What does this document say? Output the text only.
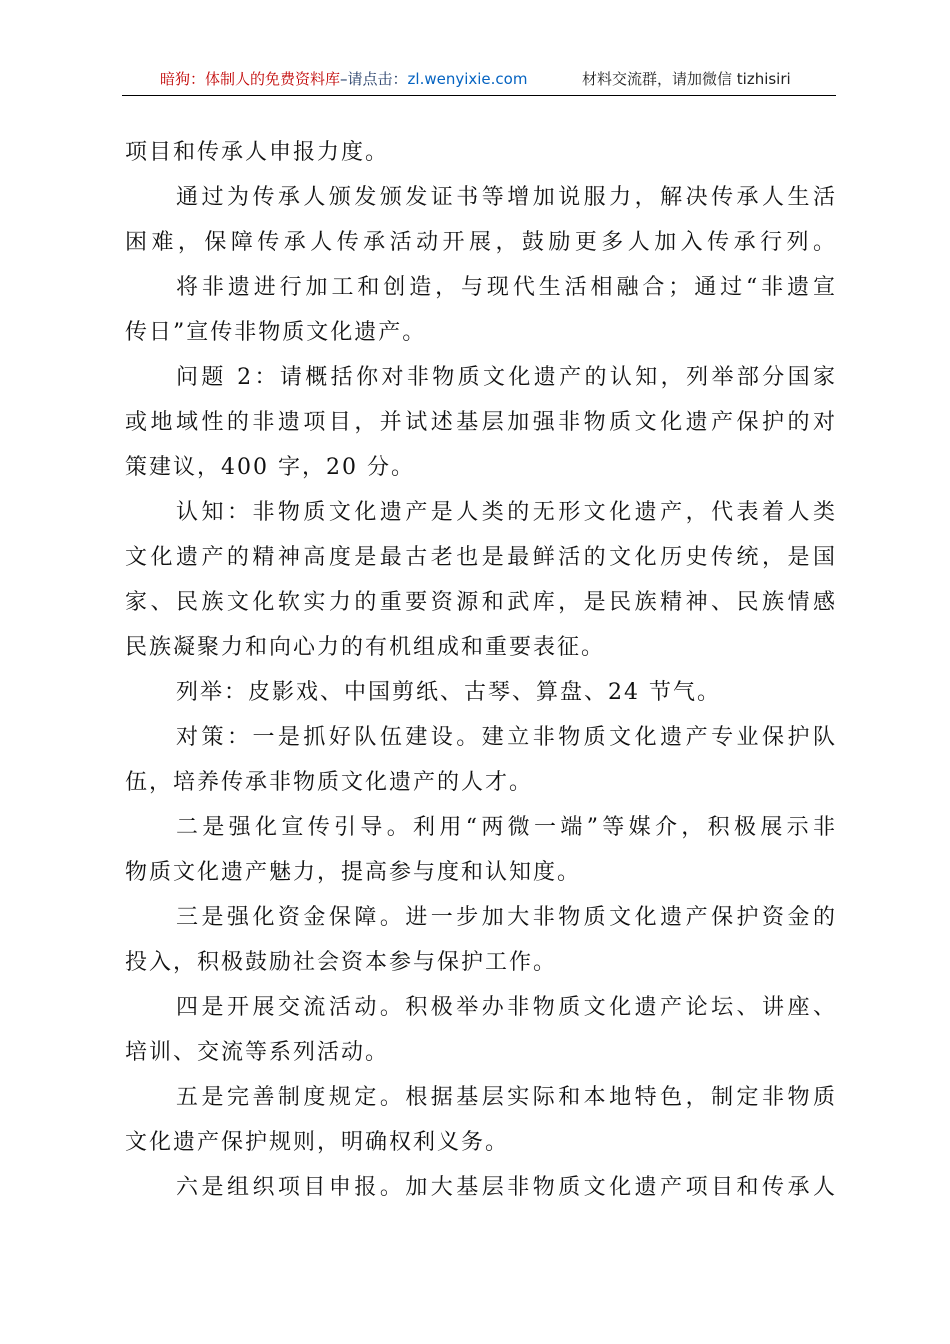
暗狗：体制人的免费资料库–请点击：zl.wenyixie.com	材料交流群，请加微信 tizhisiri
项目和传承人申报力度。
通过为传承人颁发颁发证书等增加说服力，解决传承人生活
困难，保障传承人传承活动开展，鼓励更多人加入传承行列。
将非遗进行加工和创造，与现代生活相融合；通过“非遗宣
传日”宣传非物质文化遗产。
问题 2：请概括你对非物质文化遗产的认知，列举部分国家
或地域性的非遗项目，并试述基层加强非物质文化遗产保护的对
策建议，400 字，20 分。
认知：非物质文化遗产是人类的无形文化遗产，代表着人类
文化遗产的精神高度是最古老也是最鲜活的文化历史传统，是国
家、民族文化软实力的重要资源和武库，是民族精神、民族情感
民族凝聚力和向心力的有机组成和重要表征。
列举：皮影戏、中国剪纸、古琴、算盘、24 节气。
对策：一是抓好队伍建设。建立非物质文化遗产专业保护队
伍，培养传承非物质文化遗产的人才。
二是强化宣传引导。利用“两微一端”等媒介，积极展示非
物质文化遗产魅力，提高参与度和认知度。
三是强化资金保障。进一步加大非物质文化遗产保护资金的
投入，积极鼓励社会资本参与保护工作。
四是开展交流活动。积极举办非物质文化遗产论坛、讲座、
培训、交流等系列活动。
五是完善制度规定。根据基层实际和本地特色，制定非物质
文化遗产保护规则，明确权利义务。
六是组织项目申报。加大基层非物质文化遗产项目和传承人
